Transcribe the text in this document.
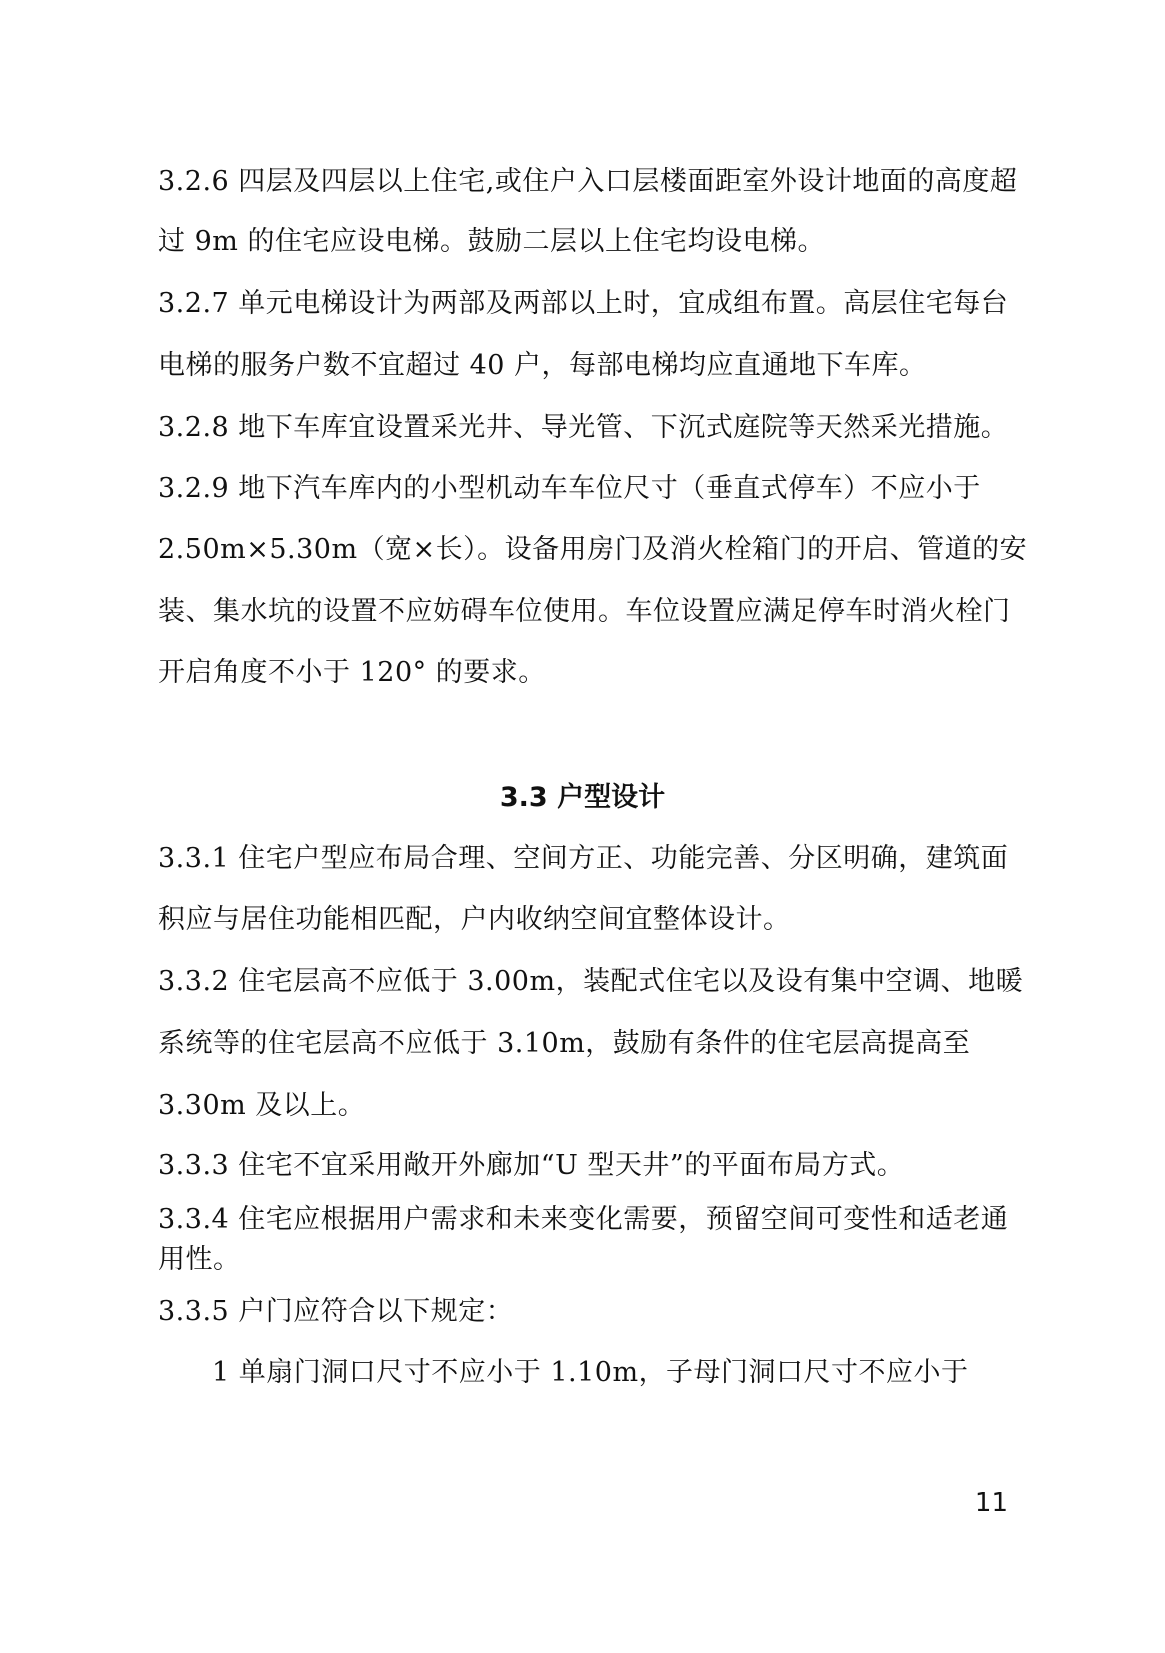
3.2.6 四层及四层以上住宅,或住户入口层楼面距室外设计地面的高度超
过 9m 的住宅应设电梯。鼓励二层以上住宅均设电梯。
3.2.7 单元电梯设计为两部及两部以上时，宜成组布置。高层住宅每台
电梯的服务户数不宜超过 40 户，每部电梯均应直通地下车库。
3.2.8 地下车库宜设置采光井、导光管、下沉式庭院等天然采光措施。
3.2.9 地下汽车库内的小型机动车车位尺寸（垂直式停车）不应小于
2.50m×5.30m（宽×长）。设备用房门及消火栓箱门的开启、管道的安
装、集水坑的设置不应妨碍车位使用。车位设置应满足停车时消火栓门
开启角度不小于 120° 的要求。
3.3 户型设计
3.3.1 住宅户型应布局合理、空间方正、功能完善、分区明确，建筑面
积应与居住功能相匹配，户内收纳空间宜整体设计。
3.3.2 住宅层高不应低于 3.00m，装配式住宅以及设有集中空调、地暖
系统等的住宅层高不应低于 3.10m，鼓励有条件的住宅层高提高至
3.30m 及以上。
3.3.3 住宅不宜采用敞开外廊加“U 型天井”的平面布局方式。
3.3.4 住宅应根据用户需求和未来变化需要，预留空间可变性和适老通
用性。
3.3.5 户门应符合以下规定：
1 单扇门洞口尺寸不应小于 1.10m，子母门洞口尺寸不应小于
11
